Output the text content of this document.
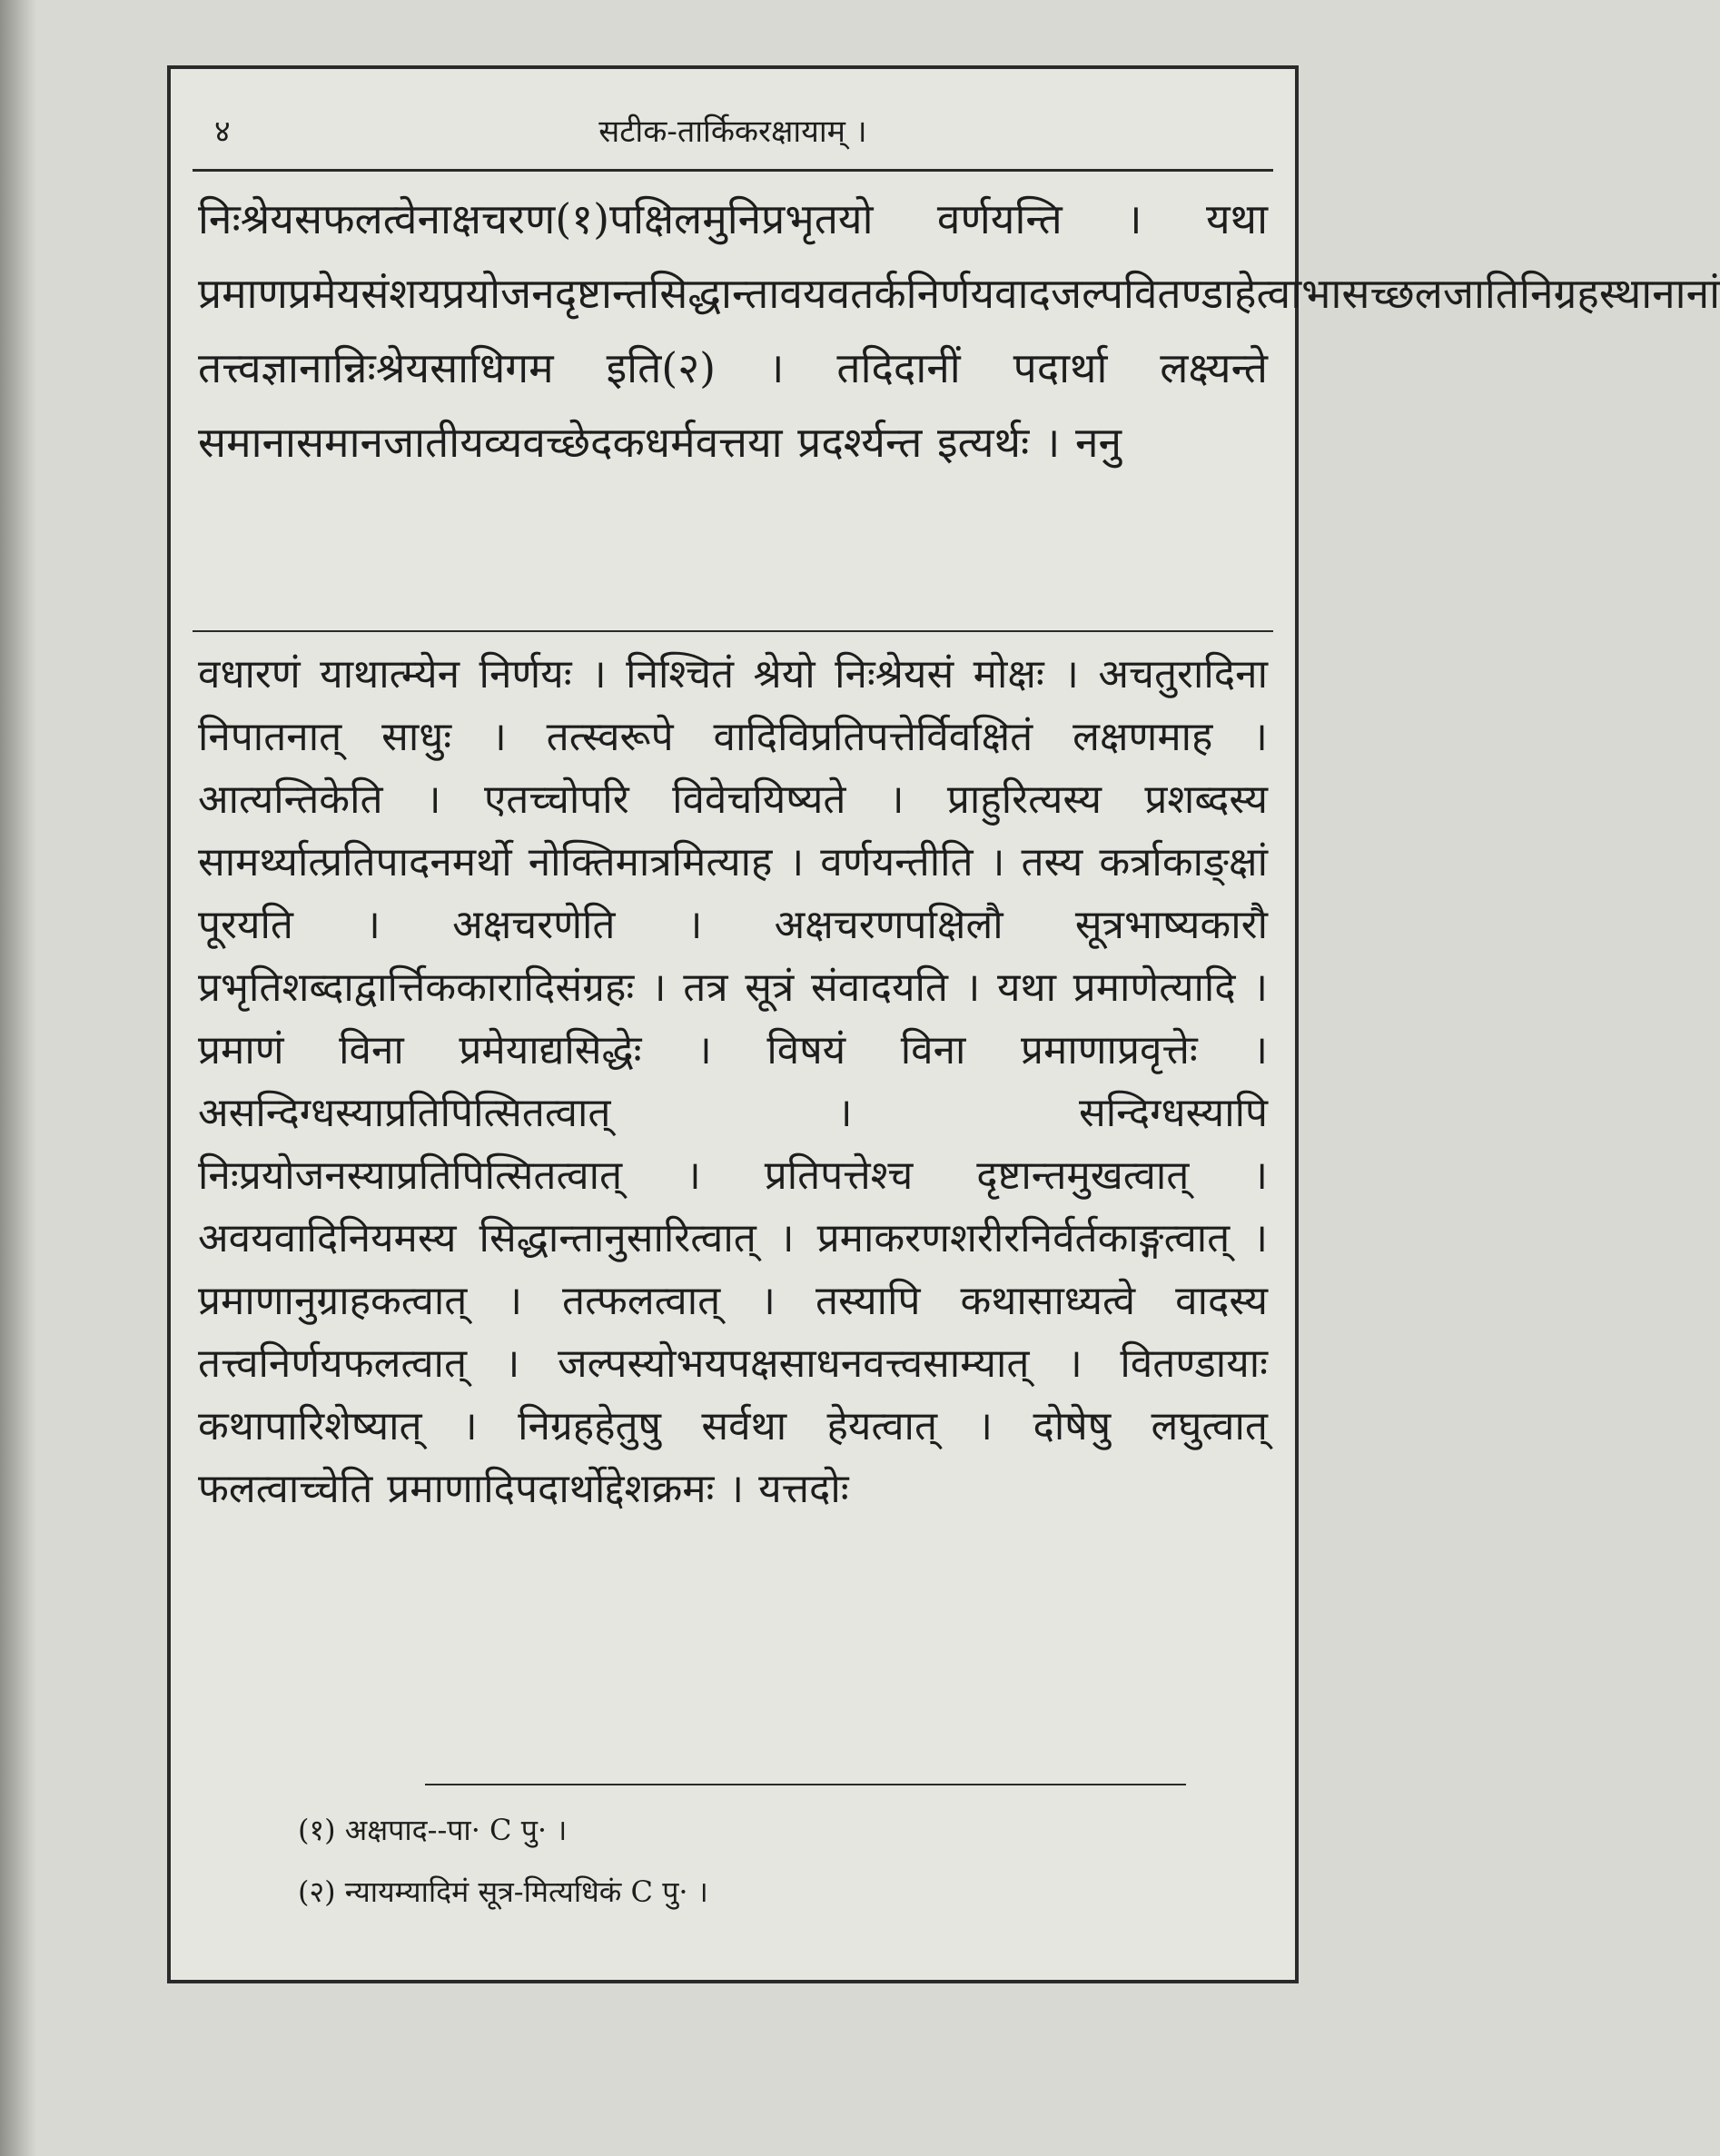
४	सटीक-तार्किकरक्षायाम् ।
निःश्रेयसफलत्वेनाक्षचरण(१)पक्षिलमुनिप्रभृतयो वर्णयन्ति । यथा प्रमाणप्रमेयसंशयप्रयोजनदृष्टान्तसिद्धान्तावयवतर्कनिर्णयवादजल्पवितण्डाहेत्वाभासच्छलजातिनिग्रहस्थानानां तत्त्वज्ञानान्निःश्रेयसाधिगम इति(२) । तदिदानीं पदार्था लक्ष्यन्ते समानासमानजातीयव्यवच्छेदकधर्मवत्तया प्रदर्श्यन्त इत्यर्थः । ननु
वधारणं याथात्म्येन निर्णयः । निश्चितं श्रेयो निःश्रेयसं मोक्षः । अचतुरादिना निपातनात् साधुः । तत्स्वरूपे वादिविप्रतिपत्तेर्विवक्षितं लक्षणमाह । आत्यन्तिकेति । एतच्चोपरि विवेचयिष्यते । प्राहुरित्यस्य प्रशब्दस्य सामर्थ्यात्प्रतिपादनमर्थो नोक्तिमात्रमित्याह । वर्णयन्तीति । तस्य कर्त्राकाङ्क्षां पूरयति । अक्षचरणेति । अक्षचरणपक्षिलौ सूत्रभाष्यकारौ प्रभृतिशब्दाद्वार्त्तिककारादिसंग्रहः । तत्र सूत्रं संवादयति । यथा प्रमाणेत्यादि । प्रमाणं विना प्रमेयाद्यसिद्धेः । विषयं विना प्रमाणाप्रवृत्तेः । असन्दिग्धस्याप्रतिपित्सितत्वात् । सन्दिग्धस्यापि निःप्रयोजनस्याप्रतिपित्सितत्वात् । प्रतिपत्तेश्च दृष्टान्तमुखत्वात् । अवयवादिनियमस्य सिद्धान्तानुसारित्वात् । प्रमाकरणशरीरनिर्वर्तकाङ्गत्वात् । प्रमाणानुग्राहकत्वात् । तत्फलत्वात् । तस्यापि कथासाध्यत्वे वादस्य तत्त्वनिर्णयफलत्वात् । जल्पस्योभयपक्षसाधनवत्त्वसाम्यात् । वितण्डायाः कथापारिशेष्यात् । निग्रहहेतुषु सर्वथा हेयत्वात् । दोषेषु लघुत्वात् फलत्वाच्चेति प्रमाणादिपदार्थोद्देशक्रमः । यत्तदोः
(१) अक्षपाद--पा· C पु· ।
(२) न्यायम्यादिमं सूत्र-मित्यधिकं C पु· ।
